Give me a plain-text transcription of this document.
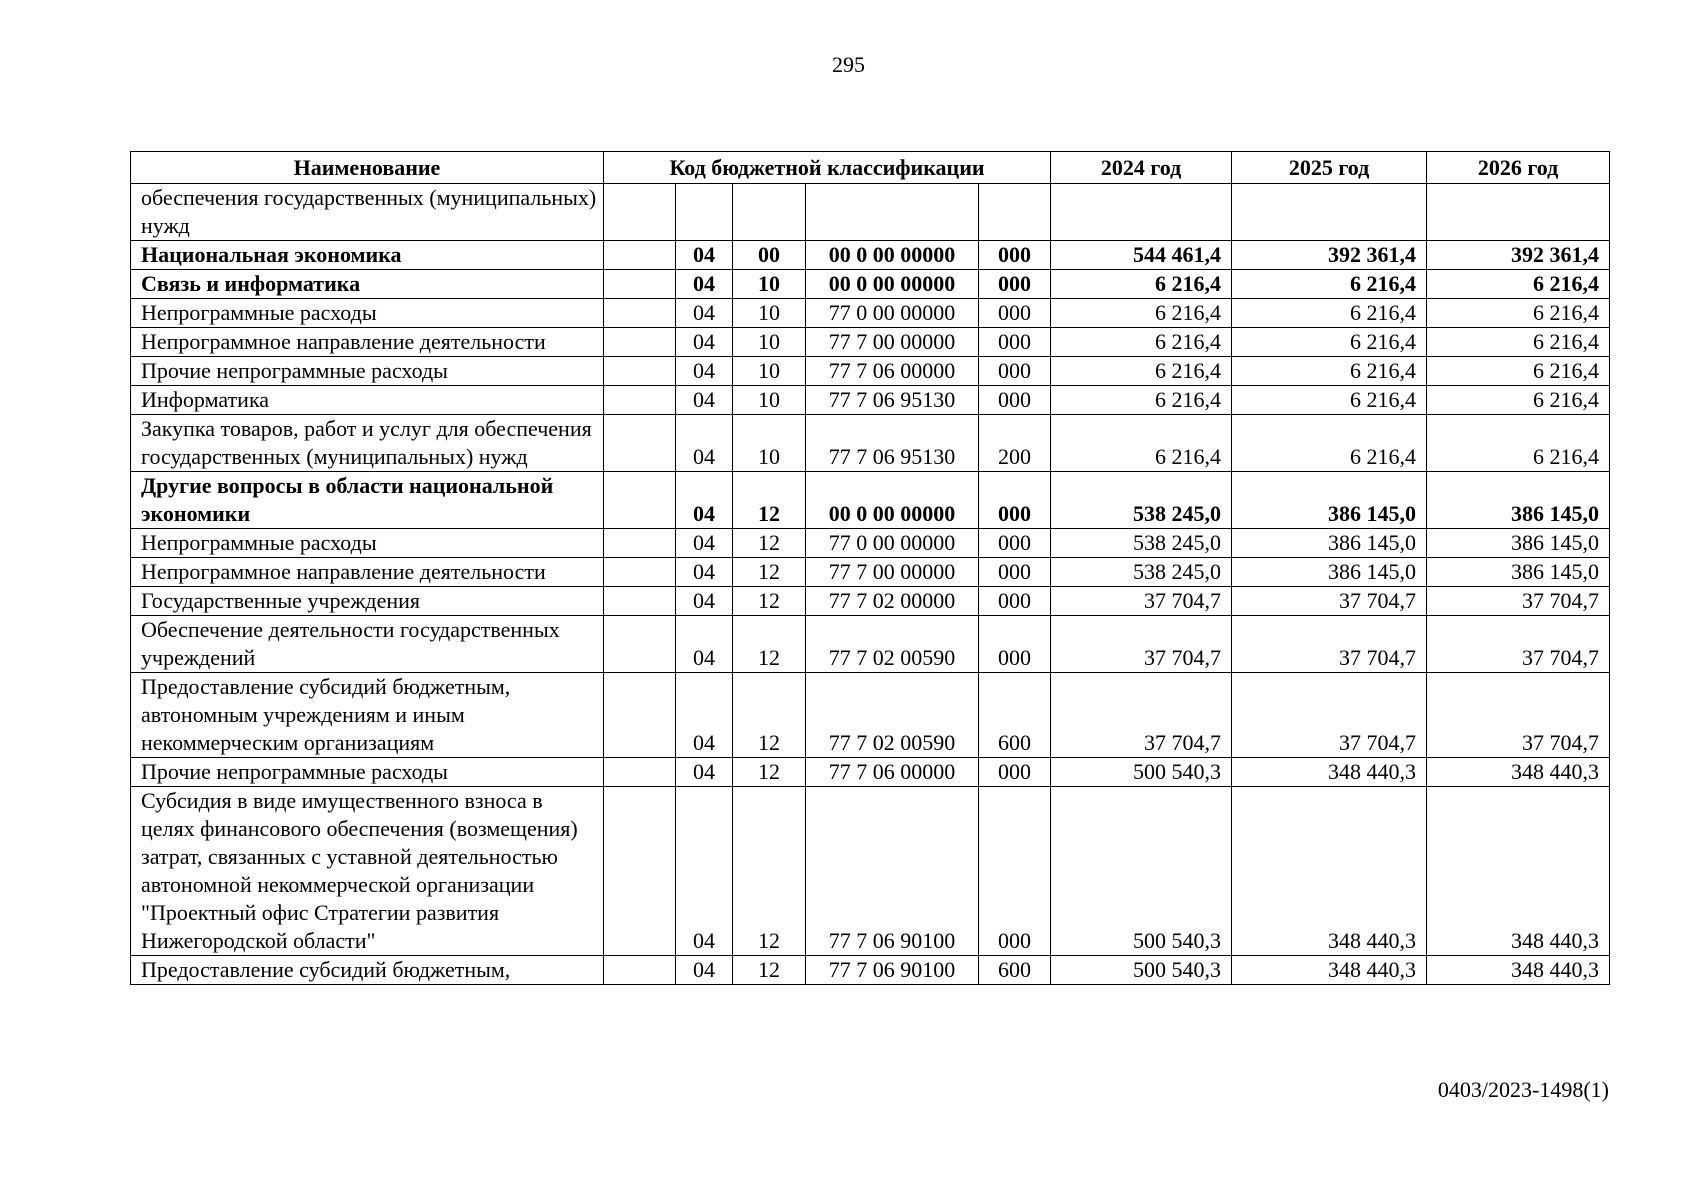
295
Наименование	Код бюджетной классификации					2024 год	2025 год	2026 год
обеспечения государственных (муниципальных) нужд								
Национальная экономика		04	00	00 0 00 00000	000	544 461,4	392 361,4	392 361,4
Связь и информатика		04	10	00 0 00 00000	000	6 216,4	6 216,4	6 216,4
Непрограммные расходы		04	10	77 0 00 00000	000	6 216,4	6 216,4	6 216,4
Непрограммное направление деятельности		04	10	77 7 00 00000	000	6 216,4	6 216,4	6 216,4
Прочие непрограммные расходы		04	10	77 7 06 00000	000	6 216,4	6 216,4	6 216,4
Информатика		04	10	77 7 06 95130	000	6 216,4	6 216,4	6 216,4
Закупка товаров, работ и услуг для обеспечения государственных (муниципальных) нужд		04	10	77 7 06 95130	200	6 216,4	6 216,4	6 216,4
Другие вопросы в области национальной экономики		04	12	00 0 00 00000	000	538 245,0	386 145,0	386 145,0
Непрограммные расходы		04	12	77 0 00 00000	000	538 245,0	386 145,0	386 145,0
Непрограммное направление деятельности		04	12	77 7 00 00000	000	538 245,0	386 145,0	386 145,0
Государственные учреждения		04	12	77 7 02 00000	000	37 704,7	37 704,7	37 704,7
Обеспечение деятельности государственных учреждений		04	12	77 7 02 00590	000	37 704,7	37 704,7	37 704,7
Предоставление субсидий бюджетным, автономным учреждениям и иным некоммерческим организациям		04	12	77 7 02 00590	600	37 704,7	37 704,7	37 704,7
Прочие непрограммные расходы		04	12	77 7 06 00000	000	500 540,3	348 440,3	348 440,3
Субсидия в виде имущественного взноса в целях финансового обеспечения (возмещения) затрат, связанных с уставной деятельностью автономной некоммерческой организации "Проектный офис Стратегии развития Нижегородской области"		04	12	77 7 06 90100	000	500 540,3	348 440,3	348 440,3
Предоставление субсидий бюджетным,		04	12	77 7 06 90100	600	500 540,3	348 440,3	348 440,3
0403/2023-1498(1)
